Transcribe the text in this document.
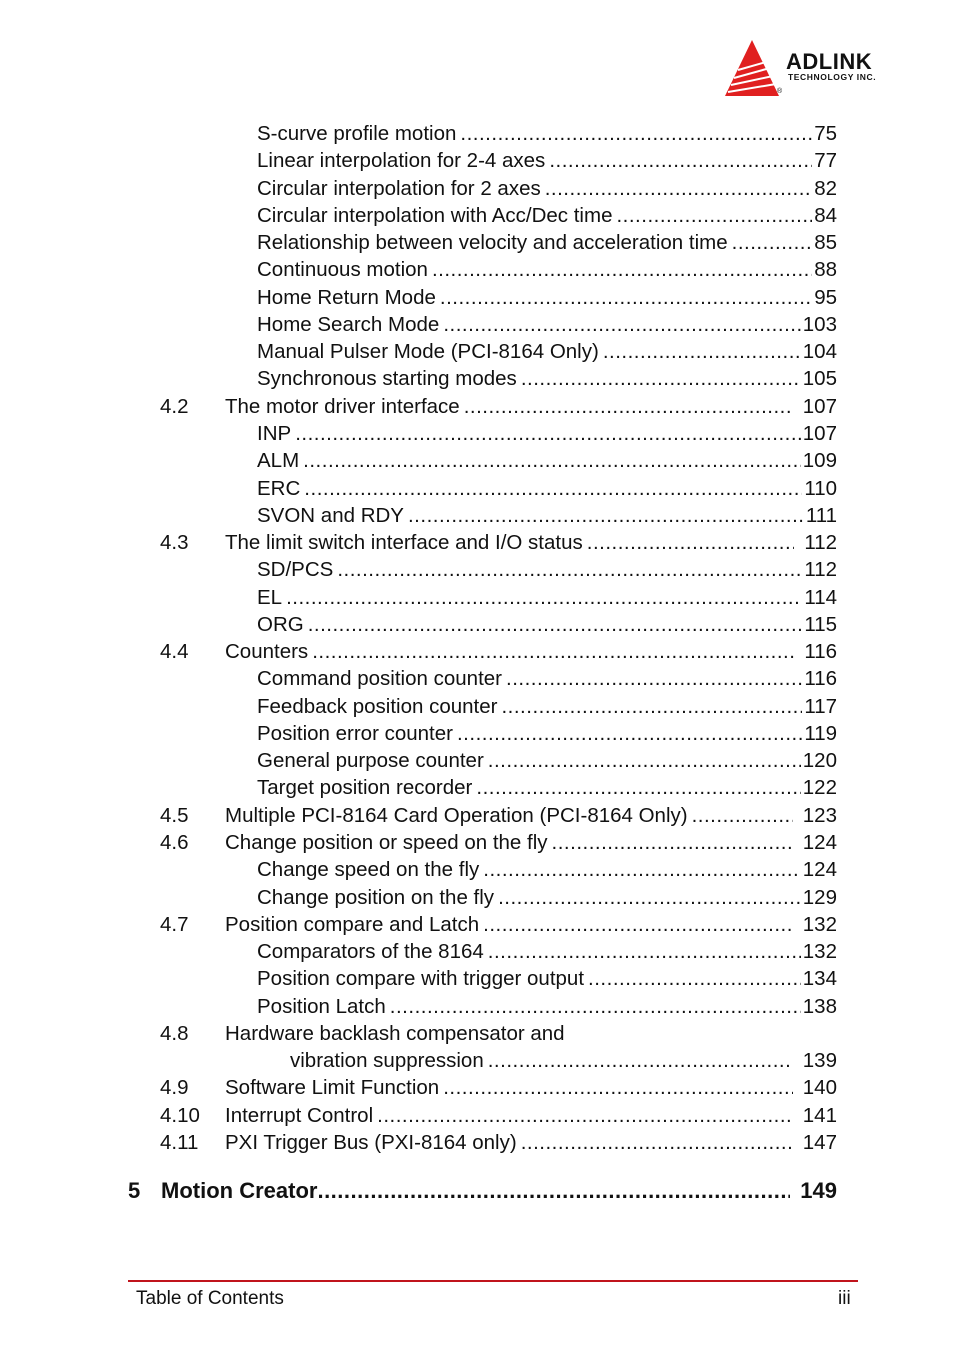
ADLINK
TECHNOLOGY INC.
®
S-curve profile motion .....	75
Linear interpolation for 2-4 axes .....	77
Circular interpolation for 2 axes .....	82
Circular interpolation with Acc/Dec time .....	84
Relationship between velocity and acceleration time .....	85
Continuous motion .....	88
Home Return Mode .....	95
Home Search Mode .....	103
Manual Pulser Mode (PCI-8164 Only) .....	104
Synchronous starting modes .....	105
4.2 The motor driver interface .....	107
INP .....	107
ALM .....	109
ERC .....	110
SVON and RDY .....	111
4.3 The limit switch interface and I/O status .....	112
SD/PCS .....	112
EL .....	114
ORG .....	115
4.4 Counters .....	116
Command position counter .....	116
Feedback position counter .....	117
Position error counter .....	119
General purpose counter .....	120
Target position recorder .....	122
4.5 Multiple PCI-8164 Card Operation (PCI-8164 Only) .....	123
4.6 Change position or speed on the fly .....	124
Change speed on the fly .....	124
Change position on the fly .....	129
4.7 Position compare and Latch .....	132
Comparators of the 8164 .....	132
Position compare with trigger output .....	134
Position Latch .....	138
4.8 Hardware backlash compensator and
vibration suppression .....	139
4.9 Software Limit Function .....	140
4.10 Interrupt Control .....	141
4.11 PXI Trigger Bus (PXI-8164 only) .....	147
5 Motion Creator .....	149
Table of Contents	iii
